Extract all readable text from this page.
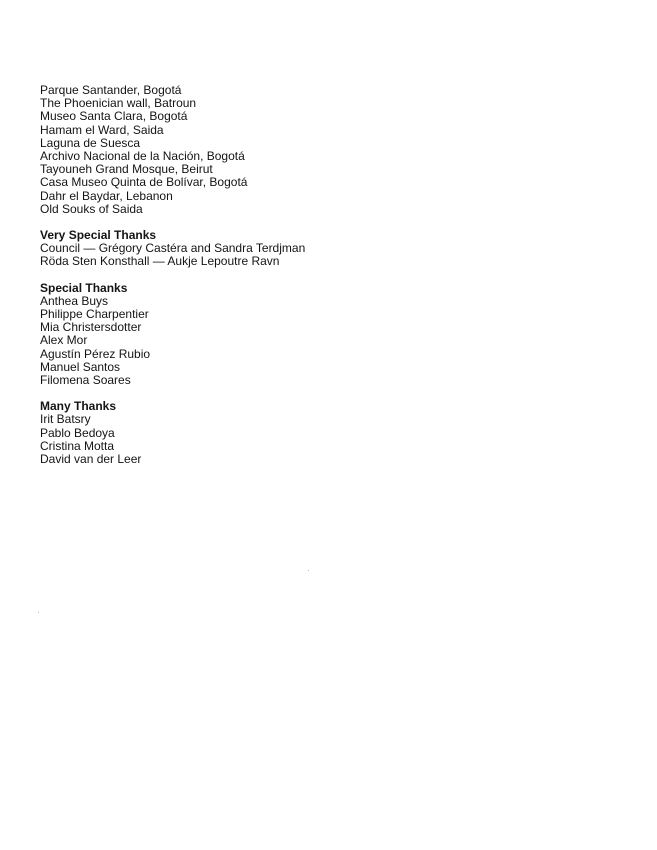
Parque Santander, Bogotá
The Phoenician wall, Batroun
Museo Santa Clara, Bogotá
Hamam el Ward, Saida
Laguna de Suesca
Archivo Nacional de la Nación, Bogotá
Tayouneh Grand Mosque, Beirut
Casa Museo Quinta de Bolívar, Bogotá
Dahr el Baydar, Lebanon
Old Souks of Saida
Very Special Thanks
Council — Grégory Castéra and Sandra Terdjman
Röda Sten Konsthall — Aukje Lepoutre Ravn
Special Thanks
Anthea Buys
Philippe Charpentier
Mia Christersdotter
Alex Mor
Agustín Pérez Rubio
Manuel Santos
Filomena Soares
Many Thanks
Irit Batsry
Pablo Bedoya
Cristina Motta
David van der Leer
